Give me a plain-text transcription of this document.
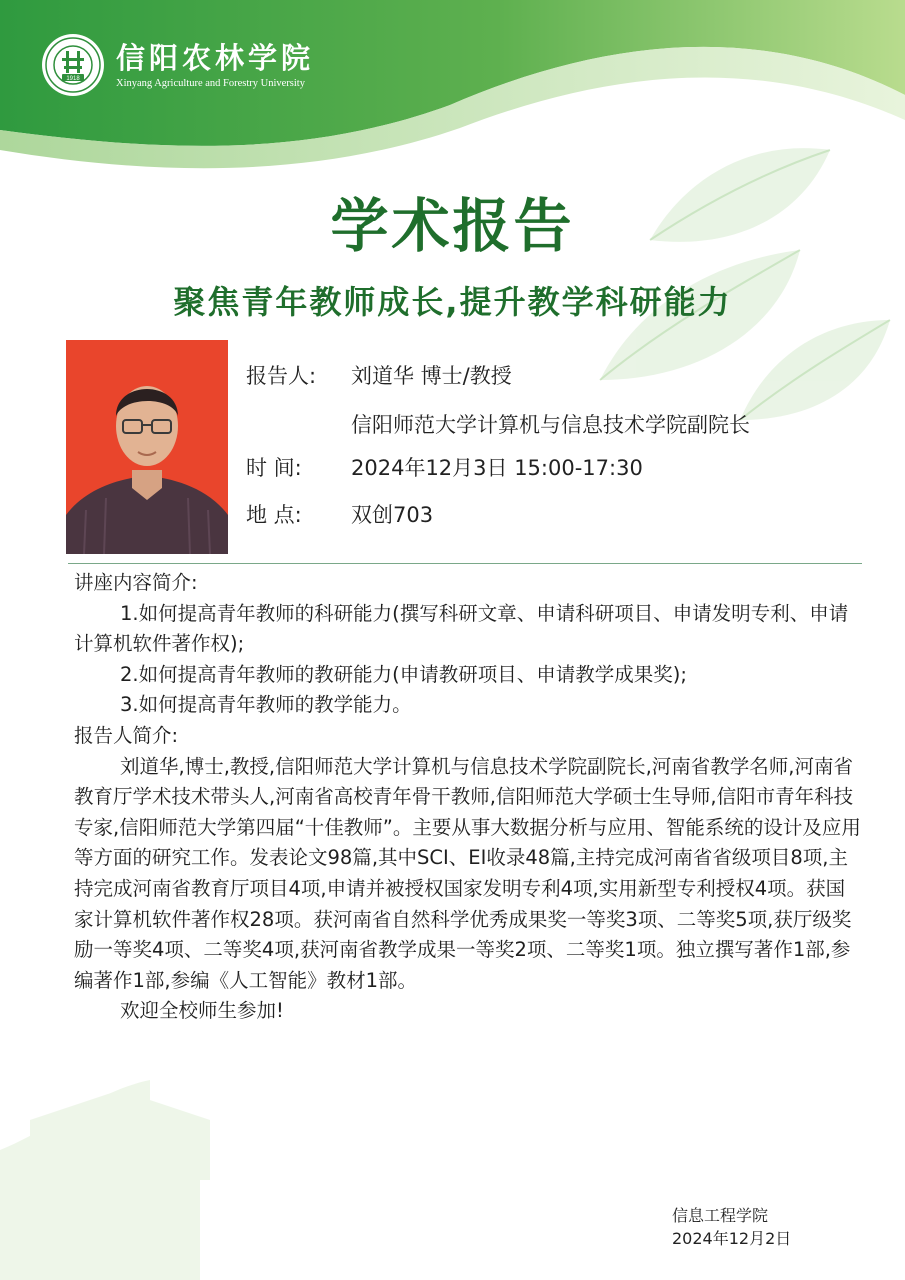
1918
信阳农林学院
Xinyang Agriculture and Forestry University
学术报告
聚焦青年教师成长,提升教学科研能力
报告人: 刘道华 博士/教授
信阳师范大学计算机与信息技术学院副院长
时 间: 2024年12月3日 15:00-17:30
地 点: 双创703

讲座内容简介:

1.如何提高青年教师的科研能力(撰写科研文章、申请科研项目、申请发明专利、申请计算机软件著作权);

2.如何提高青年教师的教研能力(申请教研项目、申请教学成果奖);

3.如何提高青年教师的教学能力。

报告人简介:

刘道华,博士,教授,信阳师范大学计算机与信息技术学院副院长,河南省教学名师,河南省教育厅学术技术带头人,河南省高校青年骨干教师,信阳师范大学硕士生导师,信阳市青年科技专家,信阳师范大学第四届“十佳教师”。主要从事大数据分析与应用、智能系统的设计及应用等方面的研究工作。发表论文98篇,其中SCI、EI收录48篇,主持完成河南省省级项目8项,主持完成河南省教育厅项目4项,申请并被授权国家发明专利4项,实用新型专利授权4项。获国家计算机软件著作权28项。获河南省自然科学优秀成果奖一等奖3项、二等奖5项,获厅级奖励一等奖4项、二等奖4项,获河南省教学成果一等奖2项、二等奖1项。独立撰写著作1部,参编著作1部,参编《人工智能》教材1部。

欢迎全校师生参加!

信息工程学院
2024年12月2日
